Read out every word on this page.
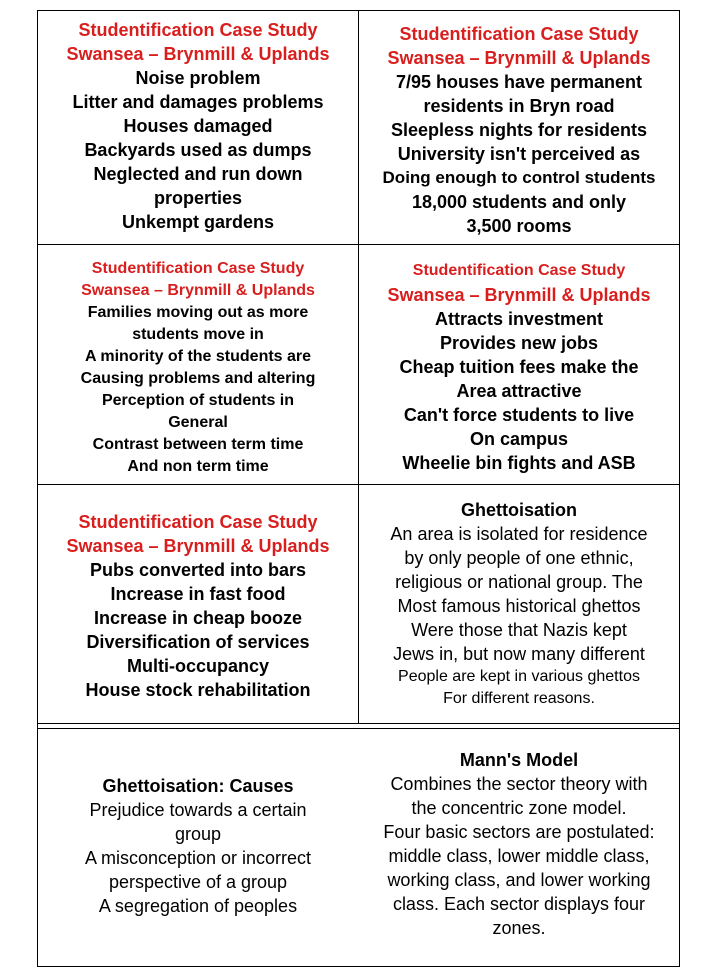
Studentification Case Study
Swansea – Brynmill & Uplands
Noise problem
Litter and damages problems
Houses damaged
Backyards used as dumps
Neglected and run down
properties
Unkempt gardens
Studentification Case Study
Swansea – Brynmill & Uplands
7/95 houses have permanent
residents in Bryn road
Sleepless nights for residents
University isn't perceived as
Doing enough to control students
18,000 students and only
3,500 rooms
Studentification Case Study
Swansea – Brynmill & Uplands
Families moving out as more
students move in
A minority of the students are
Causing problems and altering
Perception of students in
General
Contrast between term time
And non term time
Studentification Case Study
Swansea – Brynmill & Uplands
Attracts investment
Provides new jobs
Cheap tuition fees make the
Area attractive
Can't force students to live
On campus
Wheelie bin fights and ASB
Studentification Case Study
Swansea – Brynmill & Uplands
Pubs converted into bars
Increase in fast food
Increase in cheap booze
Diversification of services
Multi-occupancy
House stock rehabilitation
Ghettoisation
An area is isolated for residence
by only people of one ethnic,
religious or national group. The
Most famous historical ghettos
Were those that Nazis kept
Jews in, but now many different
People are kept in various ghettos
For different reasons.
Ghettoisation: Causes
Prejudice towards a certain
group
A misconception or incorrect
perspective of a group
A segregation of peoples
Mann's Model
Combines the sector theory with
the concentric zone model.
Four basic sectors are postulated:
middle class, lower middle class,
working class, and lower working
class. Each sector displays four
zones.
